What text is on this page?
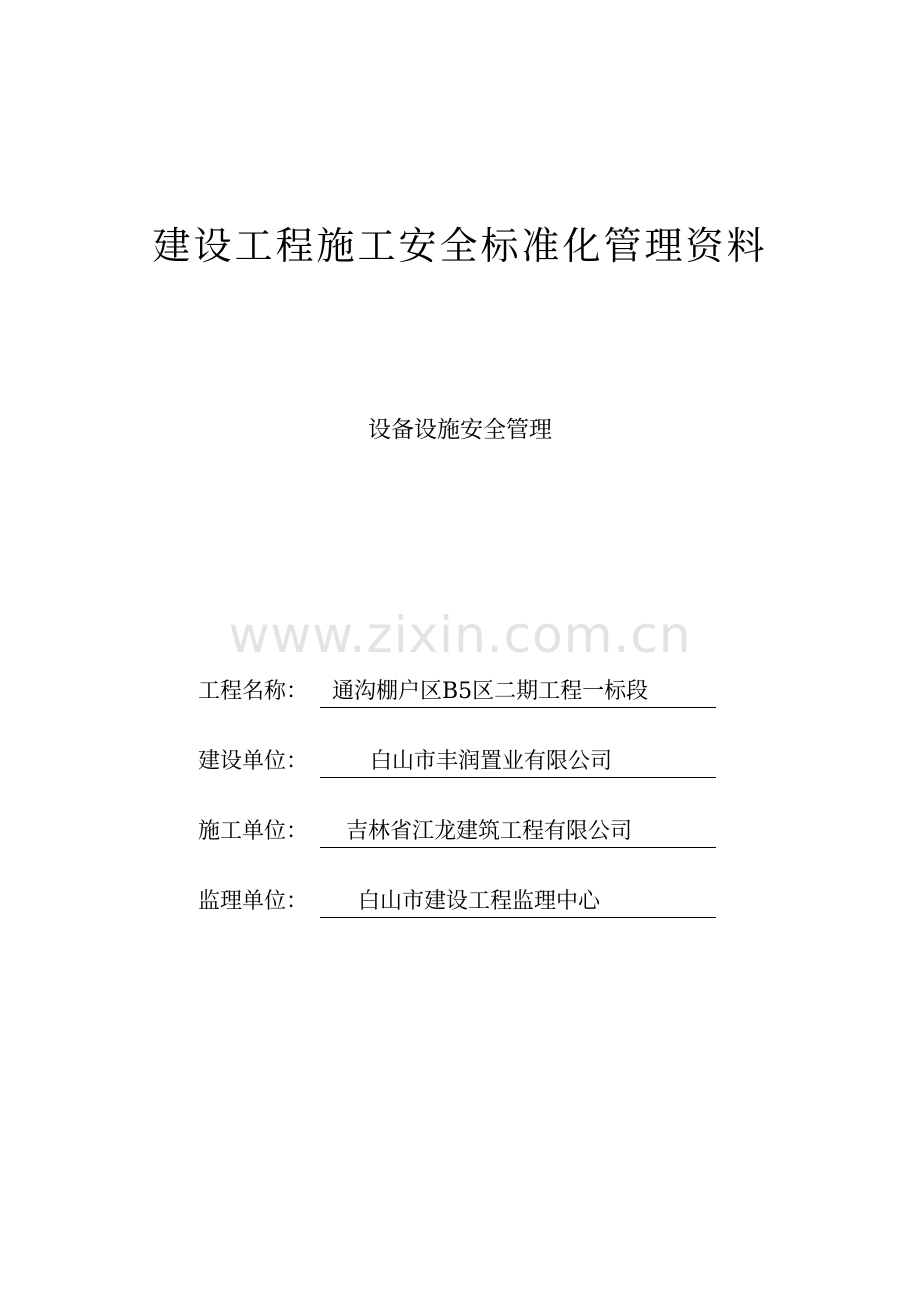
建设工程施工安全标准化管理资料
设备设施安全管理
www.zixin.com.cn
工程名称： 通沟棚户区B5区二期工程一标段
建设单位：	白山市丰润置业有限公司
施工单位： 吉林省江龙建筑工程有限公司
监理单位： 白山市建设工程监理中心
